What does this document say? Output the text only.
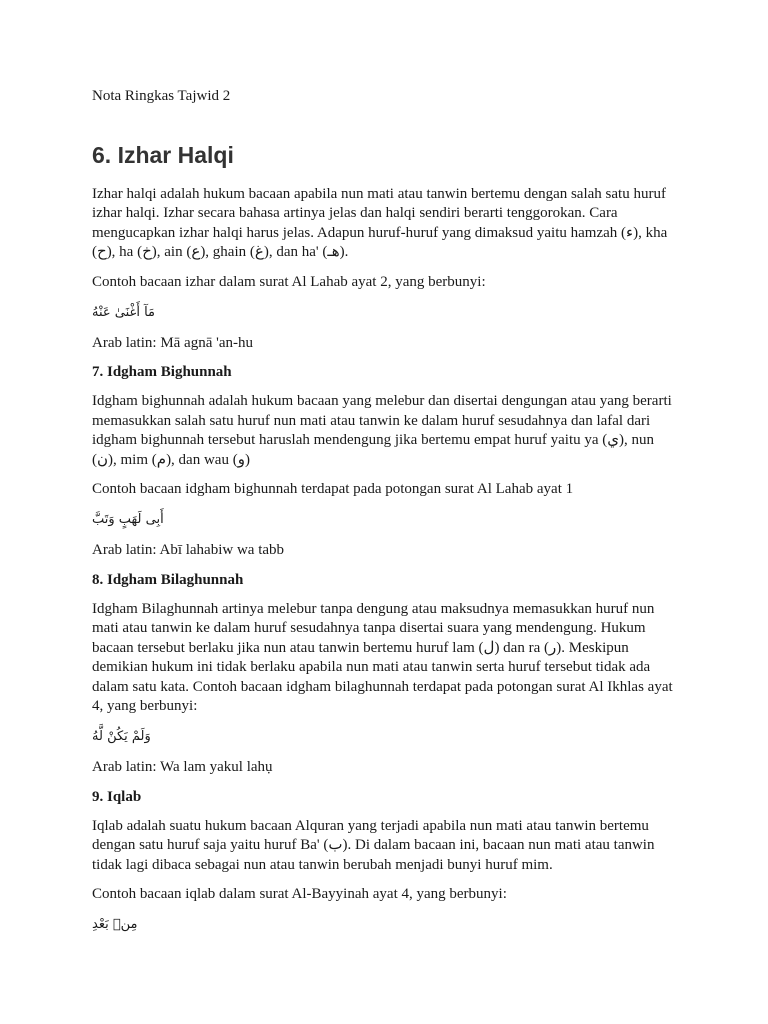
Nota Ringkas Tajwid 2
6. Izhar Halqi

Izhar halqi adalah hukum bacaan apabila nun mati atau tanwin bertemu dengan salah satu huruf izhar halqi. Izhar secara bahasa artinya jelas dan halqi sendiri berarti tenggorokan. Cara mengucapkan izhar halqi harus jelas. Adapun huruf-huruf yang dimaksud yaitu hamzah (ء), kha (ح), ha (خ), ain (ع), ghain (غ), dan ha' (هـ).

Contoh bacaan izhar dalam surat Al Lahab ayat 2, yang berbunyi:

مَآ أَغْنَىٰ عَنْهُ

Arab latin: Mā agnā 'an-hu

7. Idgham Bighunnah

Idgham bighunnah adalah hukum bacaan yang melebur dan disertai dengungan atau yang berarti memasukkan salah satu huruf nun mati atau tanwin ke dalam huruf sesudahnya dan lafal dari idgham bighunnah tersebut haruslah mendengung jika bertemu empat huruf yaitu ya (ي), nun (ن), mim (م), dan wau (و)

Contoh bacaan idgham bighunnah terdapat pada potongan surat Al Lahab ayat 1

أَبِى لَهَبٍ وَتَبَّ

Arab latin: Abī lahabiw wa tabb

8. Idgham Bilaghunnah

Idgham Bilaghunnah artinya melebur tanpa dengung atau maksudnya memasukkan huruf nun mati atau tanwin ke dalam huruf sesudahnya tanpa disertai suara yang mendengung. Hukum bacaan tersebut berlaku jika nun atau tanwin bertemu huruf lam (ل) dan ra (ر). Meskipun demikian hukum ini tidak berlaku apabila nun mati atau tanwin serta huruf tersebut tidak ada dalam satu kata. Contoh bacaan idgham bilaghunnah terdapat pada potongan surat Al Ikhlas ayat 4, yang berbunyi:

وَلَمْ يَكُنْ لَّهُ

Arab latin: Wa lam yakul lahụ

9. Iqlab

Iqlab adalah suatu hukum bacaan Alquran yang terjadi apabila nun mati atau tanwin bertemu dengan satu huruf saja yaitu huruf Ba' (ب). Di dalam bacaan ini, bacaan nun mati atau tanwin tidak lagi dibaca sebagai nun atau tanwin berubah menjadi bunyi huruf mim.

Contoh bacaan iqlab dalam surat Al-Bayyinah ayat 4, yang berbunyi:

مِنۢ بَعْدِ
